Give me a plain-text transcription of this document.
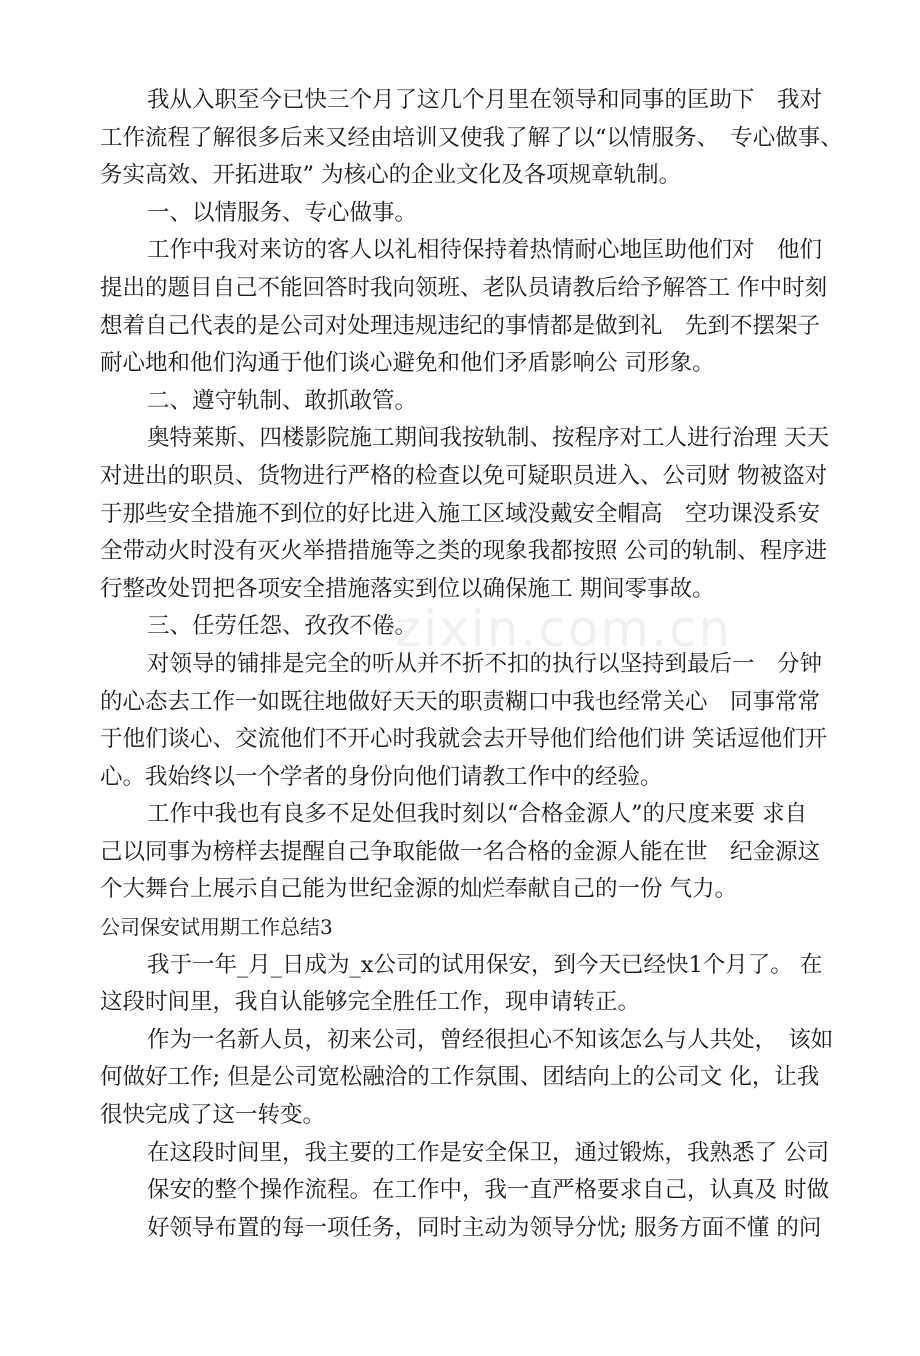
zixin.com.cn
我从入职至今已快三个月了这几个月里在领导和同事的匡助下　我对
工作流程了解很多后来又经由培训又使我了解了以“以情服务、　专心做事、
务实高效、开拓进取” 为核心的企业文化及各项规章轨制。
一、以情服务、专心做事。
工作中我对来访的客人以礼相待保持着热情耐心地匡助他们对　他们
提出的题目自己不能回答时我向领班、老队员请教后给予解答工 作中时刻
想着自己代表的是公司对处理违规违纪的事情都是做到礼　先到不摆架子
耐心地和他们沟通于他们谈心避免和他们矛盾影响公 司形象。
二、遵守轨制、敢抓敢管。
奥特莱斯、四楼影院施工期间我按轨制、按程序对工人进行治理 天天
对进出的职员、货物进行严格的检查以免可疑职员进入、公司财 物被盗对
于那些安全措施不到位的好比进入施工区域没戴安全帽高　空功课没系安
全带动火时没有灭火举措措施等之类的现象我都按照 公司的轨制、程序进
行整改处罚把各项安全措施落实到位以确保施工 期间零事故。
三、任劳任怨、孜孜不倦。
对领导的铺排是完全的听从并不折不扣的执行以坚持到最后一　分钟
的心态去工作一如既往地做好天天的职责糊口中我也经常关心　同事常常
于他们谈心、交流他们不开心时我就会去开导他们给他们讲 笑话逗他们开
心。我始终以一个学者的身份向他们请教工作中的经验。
工作中我也有良多不足处但我时刻以“合格金源人”的尺度来要 求自
己以同事为榜样去提醒自己争取能做一名合格的金源人能在世　纪金源这
个大舞台上展示自己能为世纪金源的灿烂奉献自己的一份 气力。
公司保安试用期工作总结3
我于一年_月_日成为_x公司的试用保安，到今天已经快1个月了。 在
这段时间里，我自认能够完全胜任工作，现申请转正。
作为一名新人员，初来公司，曾经很担心不知该怎么与人共处，　该如
何做好工作; 但是公司宽松融洽的工作氛围、团结向上的公司文 化，让我
很快完成了这一转变。
在这段时间里，我主要的工作是安全保卫，通过锻炼，我熟悉了 公司
保安的整个操作流程。在工作中，我一直严格要求自己，认真及 时做
好领导布置的每一项任务，同时主动为领导分忧; 服务方面不懂 的问
